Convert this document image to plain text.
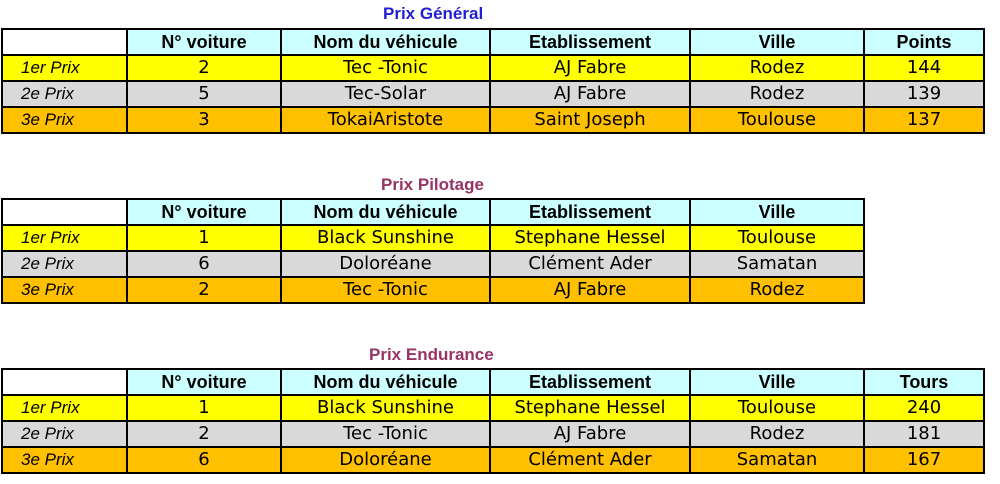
Prix Général
	N° voiture	Nom du véhicule	Etablissement	Ville	Points
1er Prix	2	Tec -Tonic	AJ Fabre	Rodez	144
2e Prix	5	Tec-Solar	AJ Fabre	Rodez	139
3e Prix	3	TokaiAristote	Saint Joseph	Toulouse	137
Prix Pilotage
	N° voiture	Nom du véhicule	Etablissement	Ville
1er Prix	1	Black Sunshine	Stephane Hessel	Toulouse
2e Prix	6	Doloréane	Clément Ader	Samatan
3e Prix	2	Tec -Tonic	AJ Fabre	Rodez
Prix Endurance
	N° voiture	Nom du véhicule	Etablissement	Ville	Tours
1er Prix	1	Black Sunshine	Stephane Hessel	Toulouse	240
2e Prix	2	Tec -Tonic	AJ Fabre	Rodez	181
3e Prix	6	Doloréane	Clément Ader	Samatan	167
